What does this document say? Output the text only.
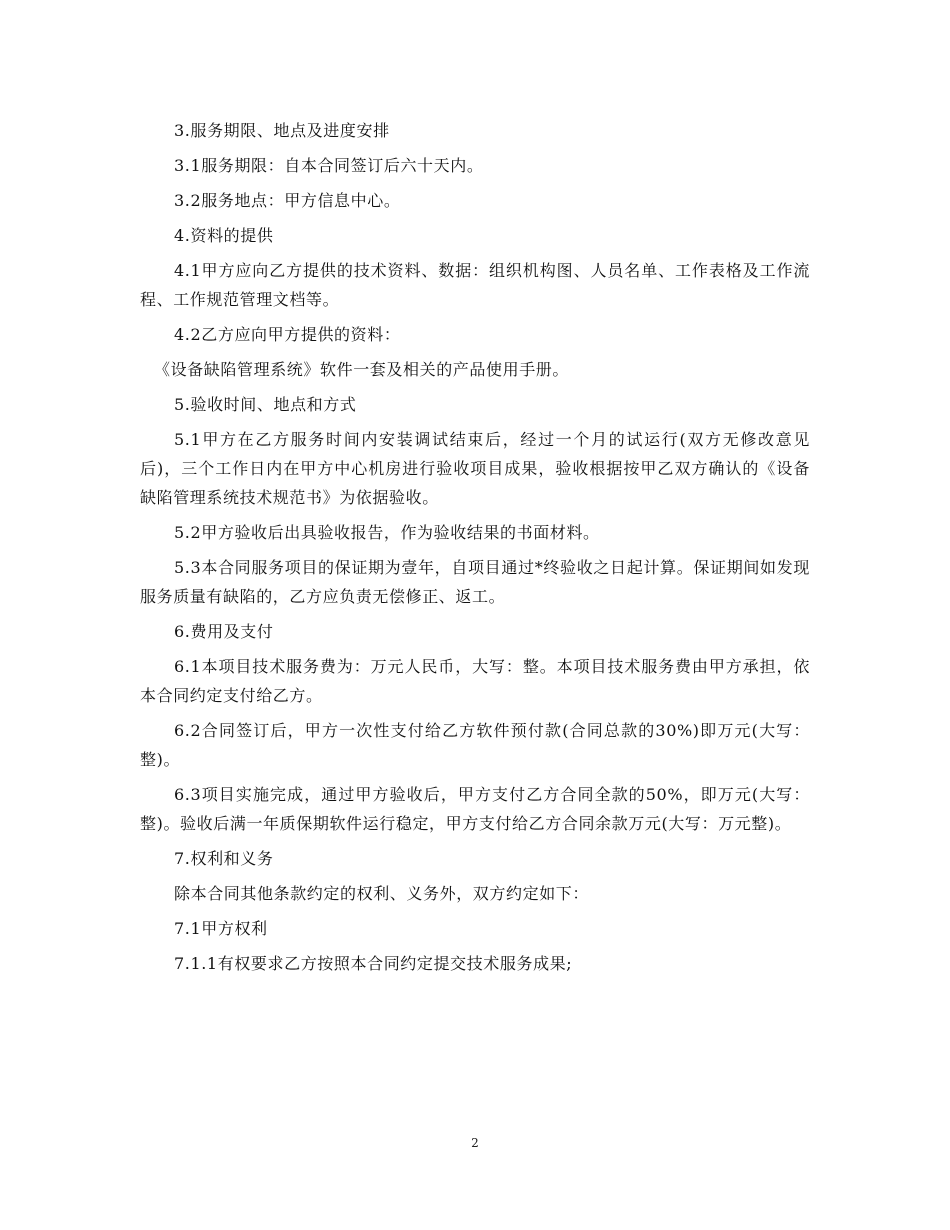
3.服务期限、地点及进度安排

3.1服务期限：自本合同签订后六十天内。

3.2服务地点：甲方信息中心。

4.资料的提供

4.1甲方应向乙方提供的技术资料、数据：组织机构图、人员名单、工作表格及工作流程、工作规范管理文档等。

4.2乙方应向甲方提供的资料：

《设备缺陷管理系统》软件一套及相关的产品使用手册。

5.验收时间、地点和方式

5.1甲方在乙方服务时间内安装调试结束后，经过一个月的试运行(双方无修改意见后)，三个工作日内在甲方中心机房进行验收项目成果，验收根据按甲乙双方确认的《设备缺陷管理系统技术规范书》为依据验收。

5.2甲方验收后出具验收报告，作为验收结果的书面材料。

5.3本合同服务项目的保证期为壹年，自项目通过*终验收之日起计算。保证期间如发现服务质量有缺陷的，乙方应负责无偿修正、返工。

6.费用及支付

6.1本项目技术服务费为：万元人民币，大写：整。本项目技术服务费由甲方承担，依本合同约定支付给乙方。

6.2合同签订后，甲方一次性支付给乙方软件预付款(合同总款的30%)即万元(大写：整)。

6.3项目实施完成，通过甲方验收后，甲方支付乙方合同全款的50%，即万元(大写：整)。验收后满一年质保期软件运行稳定，甲方支付给乙方合同余款万元(大写：万元整)。

7.权利和义务

除本合同其他条款约定的权利、义务外，双方约定如下：

7.1甲方权利

7.1.1有权要求乙方按照本合同约定提交技术服务成果;

2
